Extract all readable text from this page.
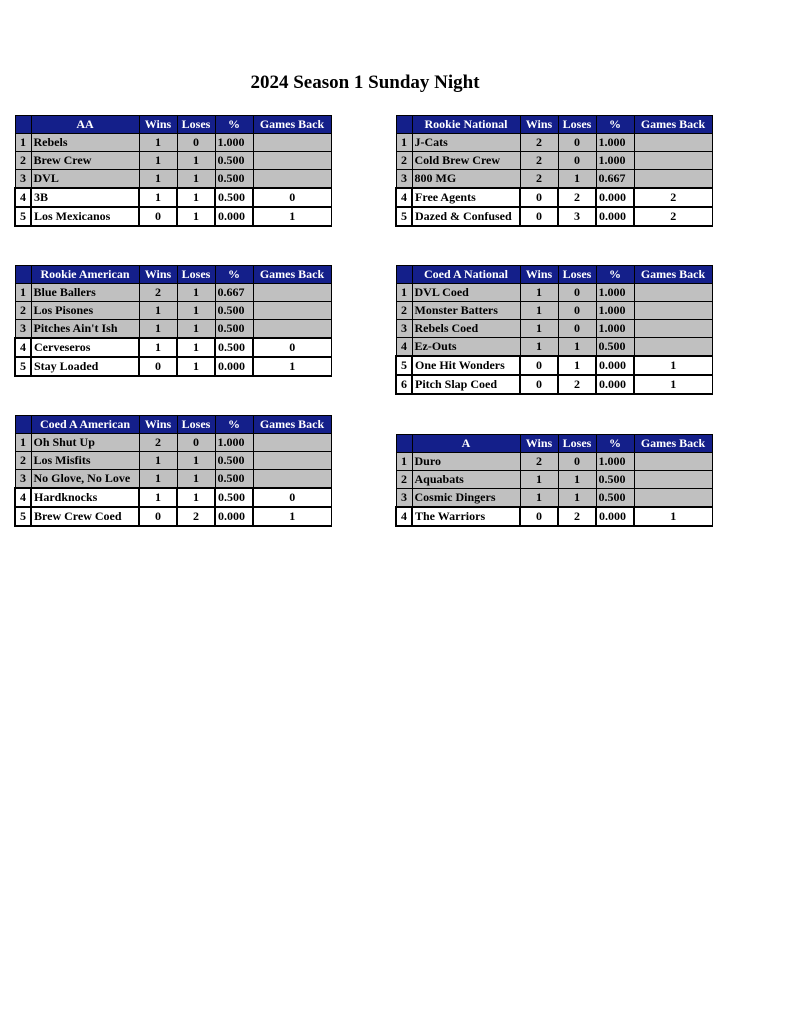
2024 Season 1 Sunday Night
	AA	Wins	Loses	%	Games Back
1	Rebels	1	0	1.000	
2	Brew Crew	1	1	0.500	
3	DVL	1	1	0.500	
4	3B	1	1	0.500	0
5	Los Mexicanos	0	1	0.000	1
	Rookie National	Wins	Loses	%	Games Back
1	J-Cats	2	0	1.000	
2	Cold Brew Crew	2	0	1.000	
3	800 MG	2	1	0.667	
4	Free Agents	0	2	0.000	2
5	Dazed & Confused	0	3	0.000	2
	Rookie American	Wins	Loses	%	Games Back
1	Blue Ballers	2	1	0.667	
2	Los Pisones	1	1	0.500	
3	Pitches Ain't Ish	1	1	0.500	
4	Cerveseros	1	1	0.500	0
5	Stay Loaded	0	1	0.000	1
	Coed A National	Wins	Loses	%	Games Back
1	DVL Coed	1	0	1.000	
2	Monster Batters	1	0	1.000	
3	Rebels Coed	1	0	1.000	
4	Ez-Outs	1	1	0.500	
5	One Hit Wonders	0	1	0.000	1
6	Pitch Slap Coed	0	2	0.000	1
	Coed A American	Wins	Loses	%	Games Back
1	Oh Shut Up	2	0	1.000	
2	Los Misfits	1	1	0.500	
3	No Glove, No Love	1	1	0.500	
4	Hardknocks	1	1	0.500	0
5	Brew Crew Coed	0	2	0.000	1
	A	Wins	Loses	%	Games Back
1	Duro	2	0	1.000	
2	Aquabats	1	1	0.500	
3	Cosmic Dingers	1	1	0.500	
4	The Warriors	0	2	0.000	1
